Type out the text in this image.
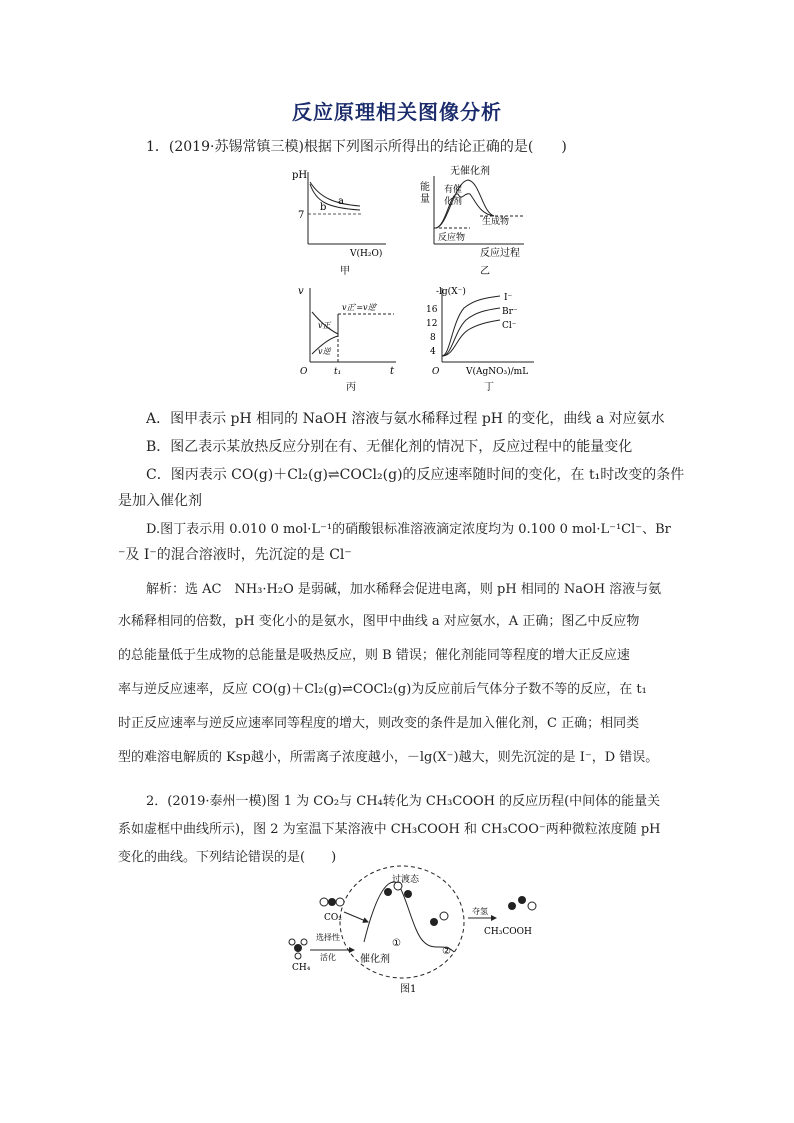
反应原理相关图像分析
1．(2019·苏锡常镇三模)根据下列图示所得出的结论正确的是(　　)
pH
7
a
b
V(H₂O)
甲
能
量
无催化剂
有催
化剂
生成物
反应物
反应过程
乙
v
v正
v逆
v正′=v逆′
t₁	t
O
丙
-lg(X⁻)
16
12
8
4
I⁻
Br⁻
Cl⁻
V(AgNO₃)/mL
O
丁
A．图甲表示 pH 相同的 NaOH 溶液与氨水稀释过程 pH 的变化，曲线 a 对应氨水
B．图乙表示某放热反应分别在有、无催化剂的情况下，反应过程中的能量变化
C．图丙表示 CO(g)＋Cl₂(g)⇌COCl₂(g)的反应速率随时间的变化，在 t₁时改变的条件
是加入催化剂
D.图丁表示用 0.010 0 mol·L⁻¹的硝酸银标准溶液滴定浓度均为 0.100 0 mol·L⁻¹Cl⁻、Br
⁻及 I⁻的混合溶液时，先沉淀的是 Cl⁻
解析：选 AC　NH₃·H₂O 是弱碱，加水稀释会促进电离，则 pH 相同的 NaOH 溶液与氨
水稀释相同的倍数，pH 变化小的是氨水，图甲中曲线 a 对应氨水，A 正确；图乙中反应物
的总能量低于生成物的总能量是吸热反应，则 B 错误；催化剂能同等程度的增大正反应速
率与逆反应速率，反应 CO(g)＋Cl₂(g)⇌COCl₂(g)为反应前后气体分子数不等的反应，在 t₁
时正反应速率与逆反应速率同等程度的增大，则改变的条件是加入催化剂，C 正确；相同类
型的难溶电解质的 Ksp越小，所需离子浓度越小，－lg(X⁻)越大，则先沉淀的是 I⁻，D 错误。
2．(2019·泰州一模)图 1 为 CO₂与 CH₄转化为 CH₃COOH 的反应历程(中间体的能量关
系如虚框中曲线所示)，图 2 为室温下某溶液中 CH₃COOH 和 CH₃COO⁻两种微粒浓度随 pH
变化的曲线。下列结论错误的是(　　)
过渡态
CO₂
CH₄
选择性
活化 催化剂
①
②
夺氢
CH₃COOH
图1
